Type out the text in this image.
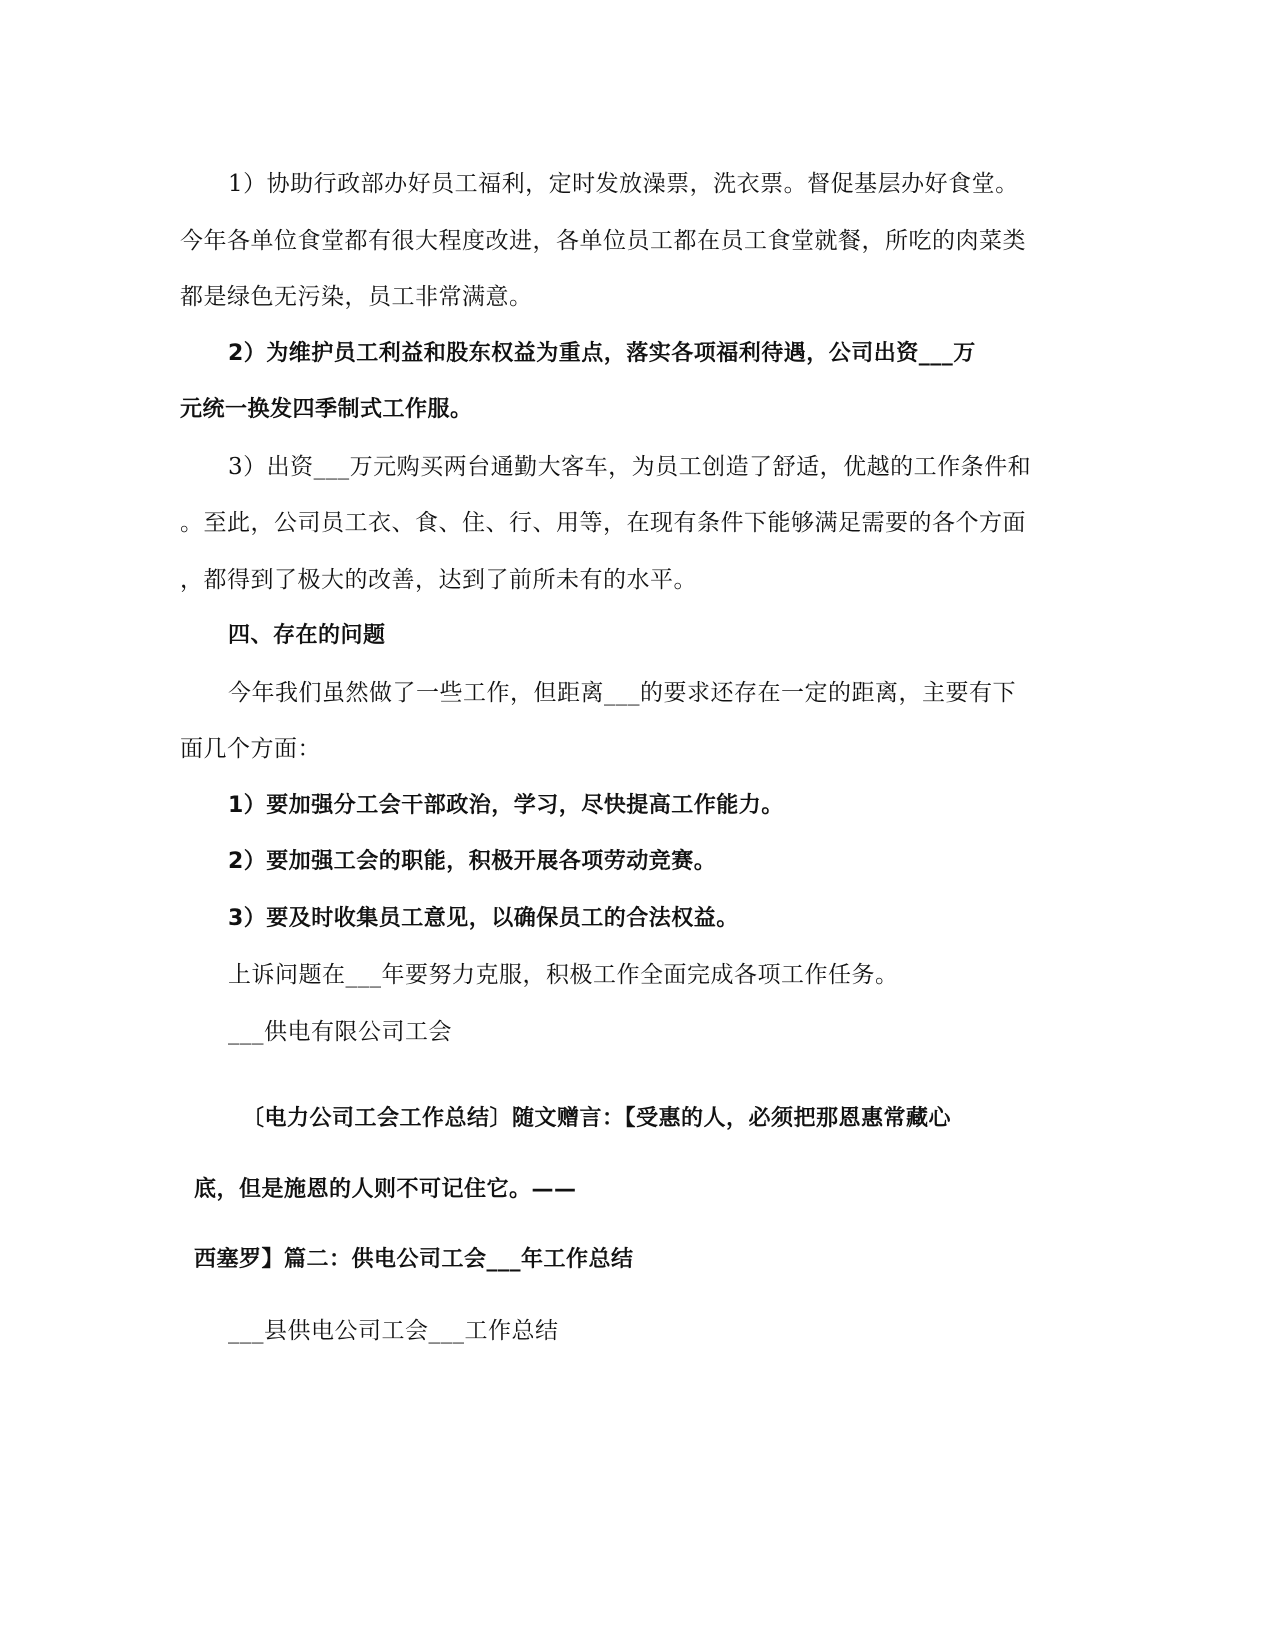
1）协助行政部办好员工福利，定时发放澡票，洗衣票。督促基层办好食堂。
今年各单位食堂都有很大程度改进，各单位员工都在员工食堂就餐，所吃的肉菜类
都是绿色无污染，员工非常满意。
2）为维护员工利益和股东权益为重点，落实各项福利待遇，公司出资___万
元统一换发四季制式工作服。
3）出资___万元购买两台通勤大客车，为员工创造了舒适，优越的工作条件和
。至此，公司员工衣、食、住、行、用等，在现有条件下能够满足需要的各个方面
，都得到了极大的改善，达到了前所未有的水平。
四、存在的问题
今年我们虽然做了一些工作，但距离___的要求还存在一定的距离，主要有下
面几个方面：
1）要加强分工会干部政治，学习，尽快提高工作能力。
2）要加强工会的职能，积极开展各项劳动竞赛。
3）要及时收集员工意见，以确保员工的合法权益。
上诉问题在___年要努力克服，积极工作全面完成各项工作任务。
___供电有限公司工会
〔电力公司工会工作总结〕随文赠言：【受惠的人，必须把那恩惠常藏心
底，但是施恩的人则不可记住它。——
西塞罗】篇二：供电公司工会___年工作总结
___县供电公司工会___工作总结
